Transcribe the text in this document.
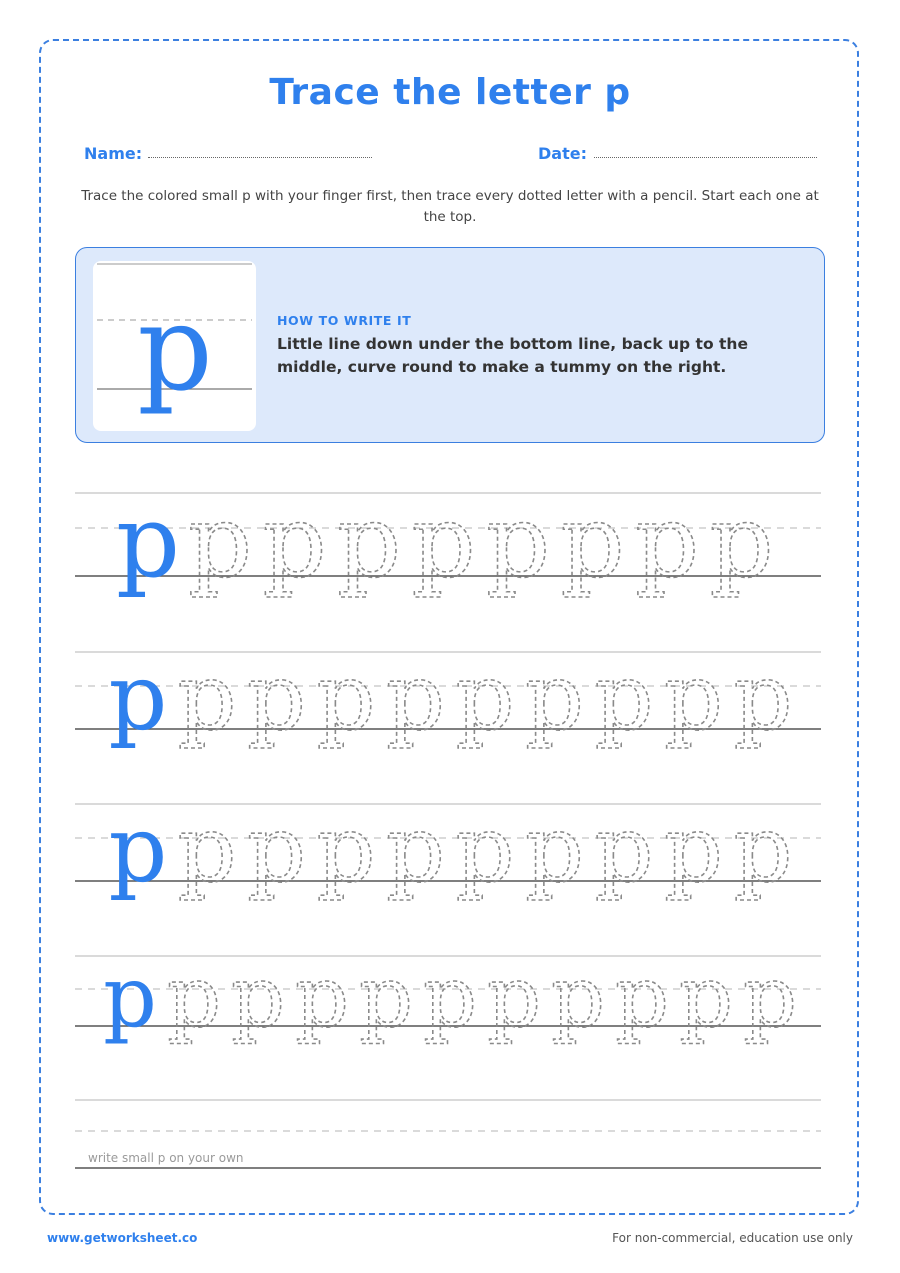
Trace the letter p
Name:	Date:
Trace the colored small p with your finger first, then trace every dotted letter with a pencil. Start each one at the top.
p	HOW TO WRITE IT
Little line down under the bottom line, back up to the middle, curve round to make a tummy on the right.
p p p p p p p p p
p p p p p p p p p p
p p p p p p p p p p
p p p p p p p p p p p
write small p on your own
www.getworksheet.co	For non-commercial, education use only
